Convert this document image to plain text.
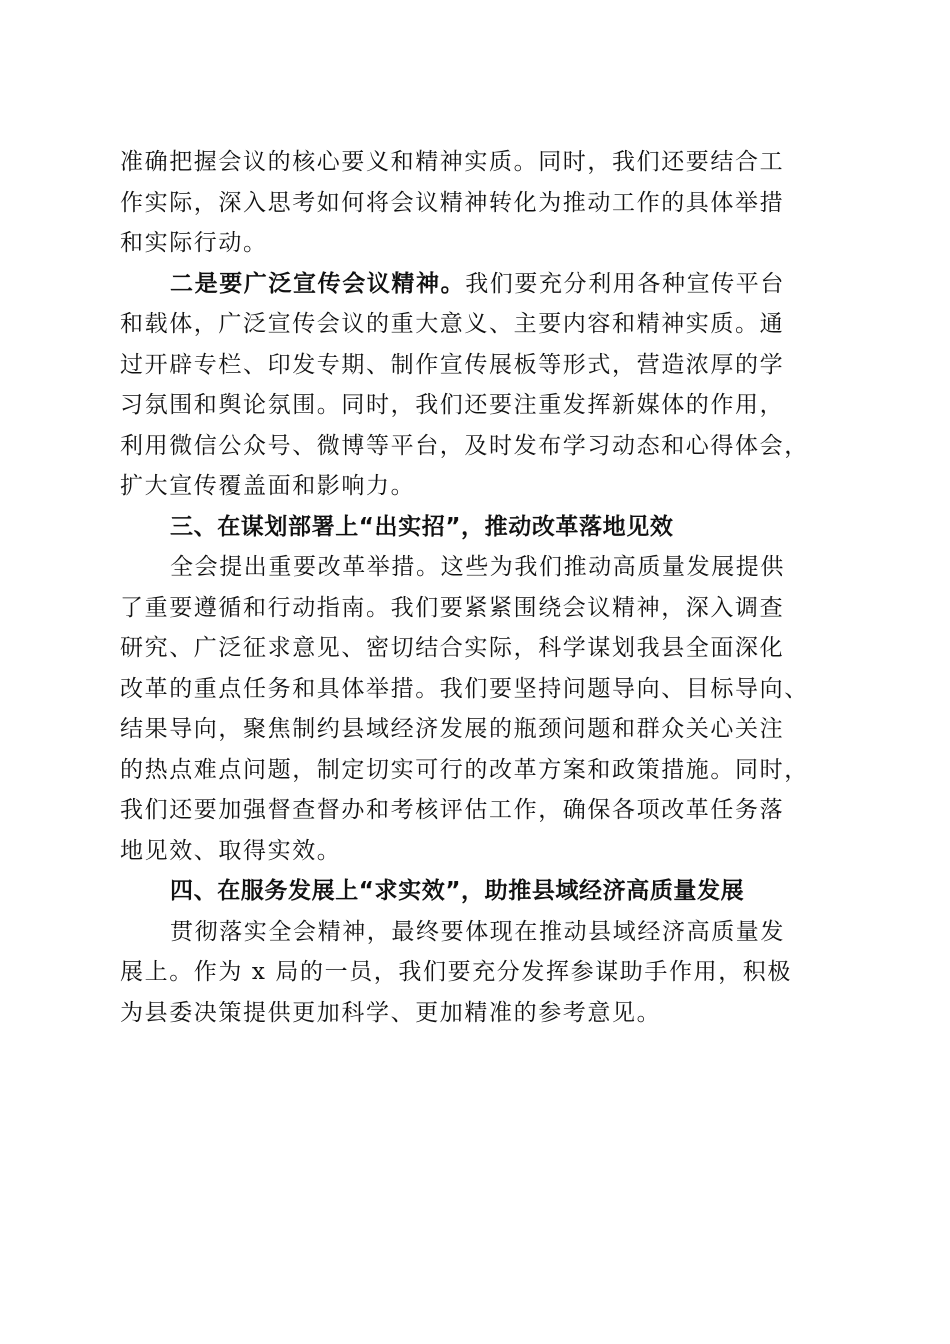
准确把握会议的核心要义和精神实质。同时，我们还要结合工
作实际，深入思考如何将会议精神转化为推动工作的具体举措
和实际行动。
二是要广泛宣传会议精神。我们要充分利用各种宣传平台
和载体，广泛宣传会议的重大意义、主要内容和精神实质。通
过开辟专栏、印发专期、制作宣传展板等形式，营造浓厚的学
习氛围和舆论氛围。同时，我们还要注重发挥新媒体的作用，
利用微信公众号、微博等平台，及时发布学习动态和心得体会，
扩大宣传覆盖面和影响力。
三、在谋划部署上“出实招”，推动改革落地见效
全会提出重要改革举措。这些为我们推动高质量发展提供
了重要遵循和行动指南。我们要紧紧围绕会议精神，深入调查
研究、广泛征求意见、密切结合实际，科学谋划我县全面深化
改革的重点任务和具体举措。我们要坚持问题导向、目标导向、
结果导向，聚焦制约县域经济发展的瓶颈问题和群众关心关注
的热点难点问题，制定切实可行的改革方案和政策措施。同时，
我们还要加强督查督办和考核评估工作，确保各项改革任务落
地见效、取得实效。
四、在服务发展上“求实效”，助推县域经济高质量发展
贯彻落实全会精神，最终要体现在推动县域经济高质量发
展上。作为 x 局的一员，我们要充分发挥参谋助手作用，积极
为县委决策提供更加科学、更加精准的参考意见。
